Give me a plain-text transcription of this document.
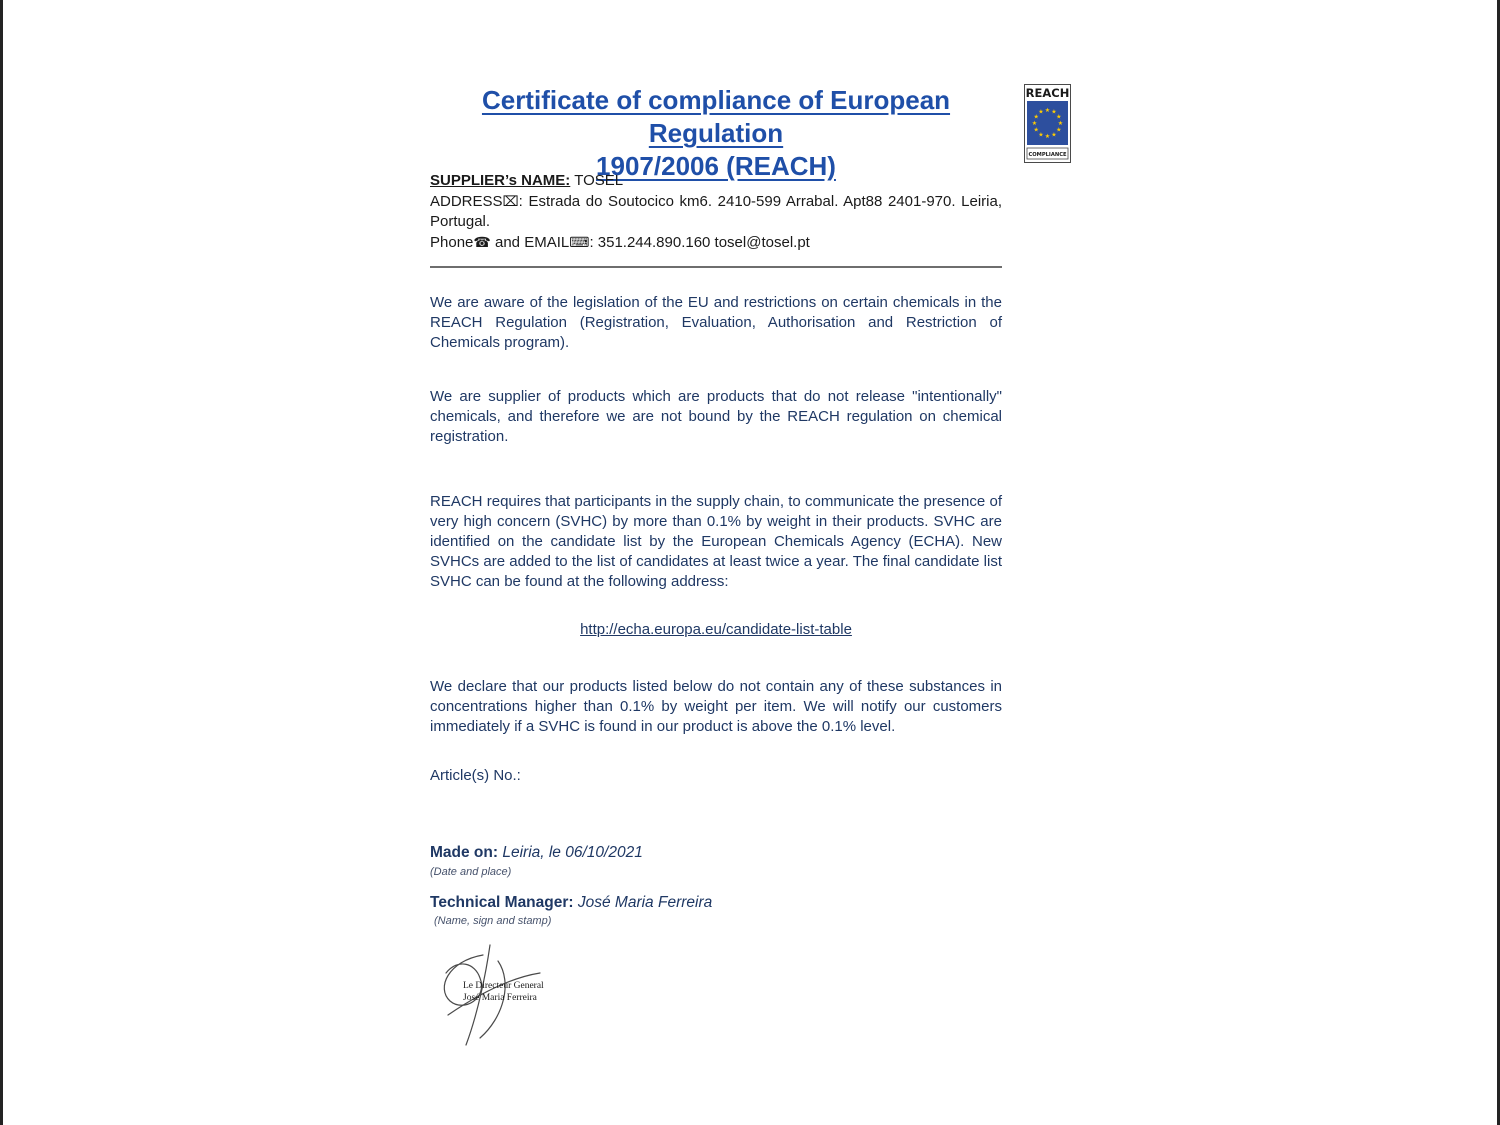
Certificate of compliance of European Regulation
1907/2006 (REACH)
REACH
★ ★
★
★
★
★
★
★
★
★
★
★
COMPLIANCE

SUPPLIER’s NAME: TOSEL

ADDRESS⌧: Estrada do Soutocico km6. 2410-599 Arrabal. Apt88 2401-970. Leiria, Portugal.

Phone☎ and EMAIL⌨: 351.244.890.160 tosel@tosel.pt

We are aware of the legislation of the EU and restrictions on certain chemicals in the REACH Regulation (Registration, Evaluation, Authorisation and Restriction of Chemicals program).

We are supplier of products which are products that do not release "intentionally" chemicals, and therefore we are not bound by the REACH regulation on chemical registration.

REACH requires that participants in the supply chain, to communicate the presence of very high concern (SVHC) by more than 0.1% by weight in their products. SVHC are identified on the candidate list by the European Chemicals Agency (ECHA). New SVHCs are added to the list of candidates at least twice a year. The final candidate list SVHC can be found at the following address:

http://echa.europa.eu/candidate-list-table

We declare that our products listed below do not contain any of these substances in concentrations higher than 0.1% by weight per item. We will notify our customers immediately if a SVHC is found in our product is above the 0.1% level.

Article(s) No.:

Made on: Leiria, le 06/10/2021

(Date and place)

Technical Manager: José Maria Ferreira

(Name, sign and stamp)

Le Directeur General
José Maria Ferreira
